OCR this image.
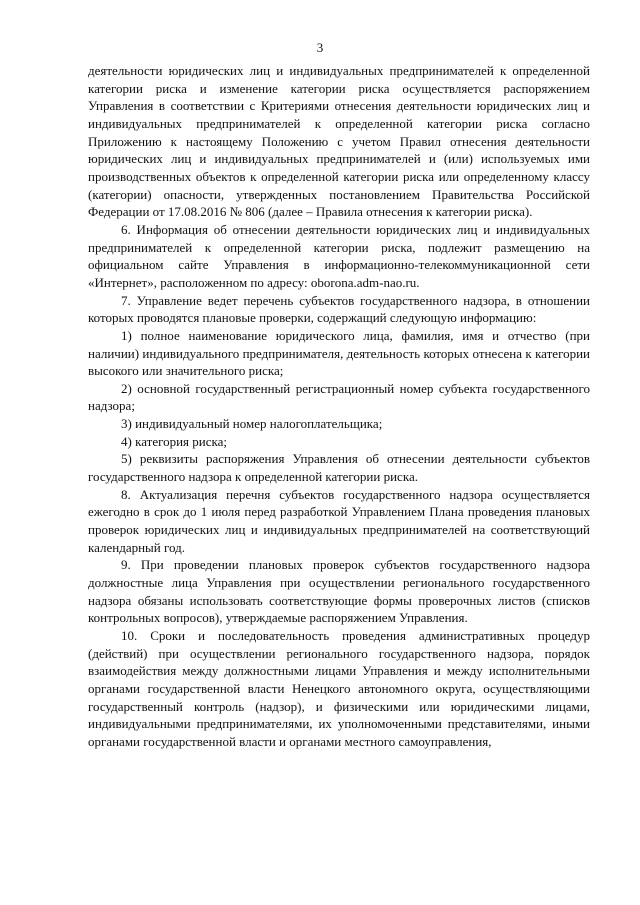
3

деятельности юридических лиц и индивидуальных предпринимателей к определенной категории риска и изменение категории риска осуществляется распоряжением Управления в соответствии с Критериями отнесения деятельности юридических лиц и индивидуальных предпринимателей к определенной категории риска согласно Приложению к настоящему Положению с учетом Правил отнесения деятельности юридических лиц и индивидуальных предпринимателей и (или) используемых ими производственных объектов к определенной категории риска или определенному классу (категории) опасности, утвержденных постановлением Правительства Российской Федерации от 17.08.2016 № 806 (далее – Правила отнесения к категории риска).

6. Информация об отнесении деятельности юридических лиц и индивидуальных предпринимателей к определенной категории риска, подлежит размещению на официальном сайте Управления в информационно-телекоммуникационной сети «Интернет», расположенном по адресу: oborona.adm-nao.ru.

7. Управление ведет перечень субъектов государственного надзора, в отношении которых проводятся плановые проверки, содержащий следующую информацию:

1) полное наименование юридического лица, фамилия, имя и отчество (при наличии) индивидуального предпринимателя, деятельность которых отнесена к категории высокого или значительного риска;

2) основной государственный регистрационный номер субъекта государственного надзора;

3) индивидуальный номер налогоплательщика;

4) категория риска;

5) реквизиты распоряжения Управления об отнесении деятельности субъектов государственного надзора к определенной категории риска.

8. Актуализация перечня субъектов государственного надзора осуществляется ежегодно в срок до 1 июля перед разработкой Управлением Плана проведения плановых проверок юридических лиц и индивидуальных предпринимателей на соответствующий календарный год.

9. При проведении плановых проверок субъектов государственного надзора должностные лица Управления при осуществлении регионального государственного надзора обязаны использовать соответствующие формы проверочных листов (списков контрольных вопросов), утверждаемые распоряжением Управления.

10. Сроки и последовательность проведения административных процедур (действий) при осуществлении регионального государственного надзора, порядок взаимодействия между должностными лицами Управления и между исполнительными органами государственной власти Ненецкого автономного округа, осуществляющими государственный контроль (надзор), и физическими или юридическими лицами, индивидуальными предпринимателями, их уполномоченными представителями, иными органами государственной власти и органами местного самоуправления,
